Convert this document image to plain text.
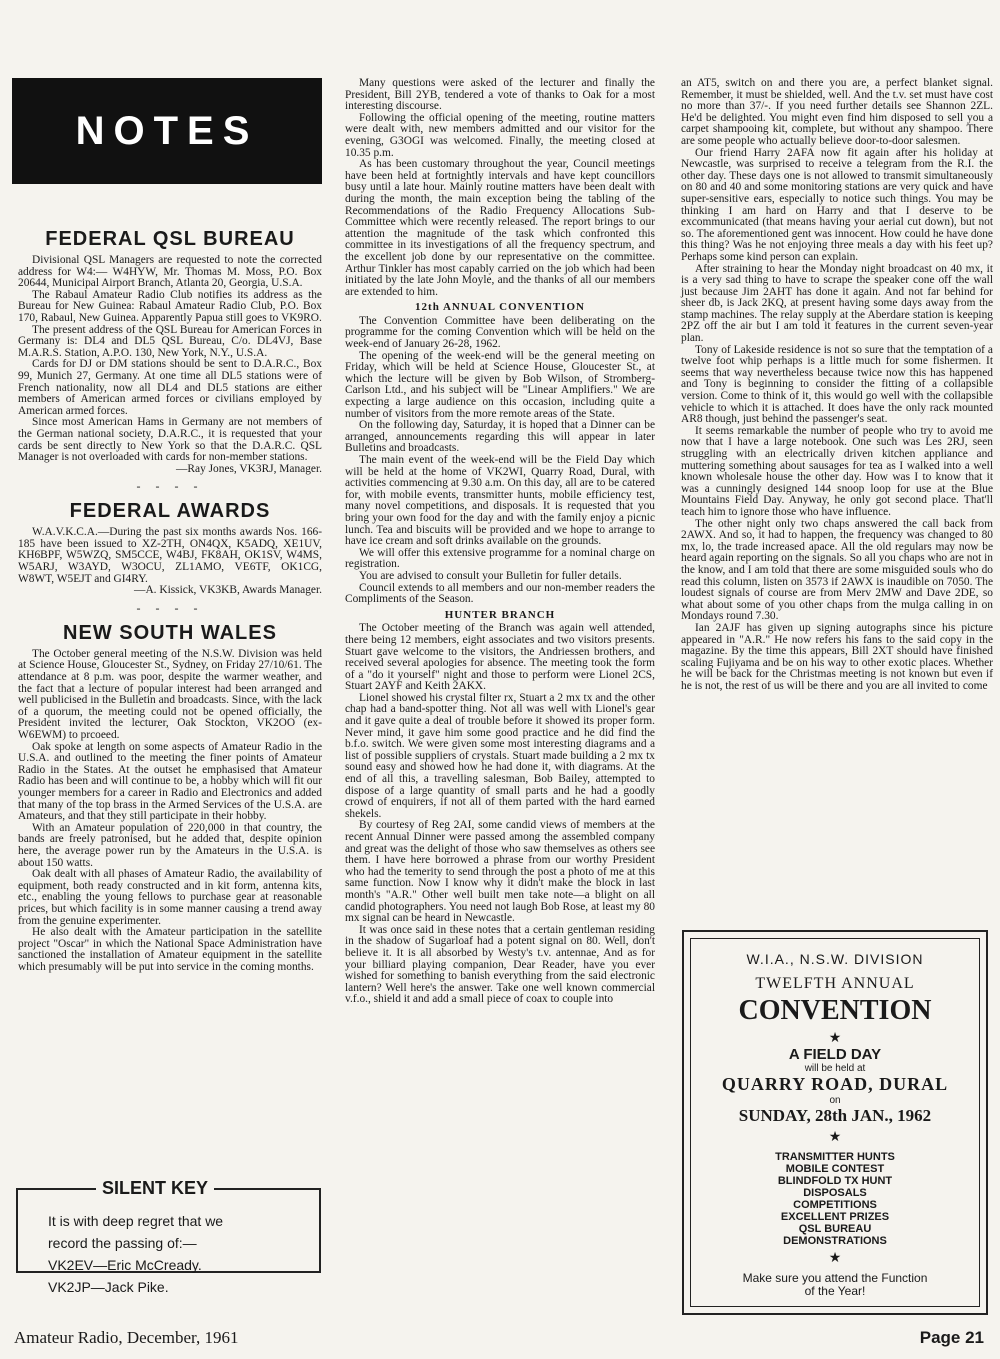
NOTES
FEDERAL QSL BUREAU

Divisional QSL Managers are requested to note the corrected address for W4:— W4HYW, Mr. Thomas M. Moss, P.O. Box 20644, Municipal Airport Branch, Atlanta 20, Georgia, U.S.A.

The Rabaul Amateur Radio Club notifies its address as the Bureau for New Guinea: Rabaul Amateur Radio Club, P.O. Box 170, Rabaul, New Guinea. Apparently Papua still goes to VK9RO.

The present address of the QSL Bureau for American Forces in Germany is: DL4 and DL5 QSL Bureau, C/o. DL4VJ, Base M.A.R.S. Station, A.P.O. 130, New York, N.Y., U.S.A.

Cards for DJ or DM stations should be sent to D.A.R.C., Box 99, Munich 27, Germany. At one time all DL5 stations were of French nationality, now all DL4 and DL5 stations are either members of American armed forces or civilians employed by American armed forces.

Since most American Hams in Germany are not members of the German national society, D.A.R.C., it is requested that your cards be sent directly to New York so that the D.A.R.C. QSL Manager is not overloaded with cards for non-member stations.

—Ray Jones, VK3RJ, Manager.

- - - -
FEDERAL AWARDS

W.A.V.K.C.A.—During the past six months awards Nos. 166-185 have been issued to XZ-2TH, ON4QX, K5ADQ, XE1UV, KH6BPF, W5WZQ, SM5CCE, W4BJ, FK8AH, OK1SV, W4MS, W5ARJ, W3AYD, W3OCU, ZL1AMO, VE6TF, OK1CG, W8WT, W5EJT and GI4RY.

—A. Kissick, VK3KB, Awards Manager.

- - - -
NEW SOUTH WALES

The October general meeting of the N.S.W. Division was held at Science House, Gloucester St., Sydney, on Friday 27/10/61. The attendance at 8 p.m. was poor, despite the warmer weather, and the fact that a lecture of popular interest had been arranged and well publicised in the Bulletin and broadcasts. Since, with the lack of a quorum, the meeting could not be opened officially, the President invited the lecturer, Oak Stockton, VK2OO (ex-W6EWM) to prcoeed.

Oak spoke at length on some aspects of Amateur Radio in the U.S.A. and outlined to the meeting the finer points of Amateur Radio in the States. At the outset he emphasised that Amateur Radio has been and will continue to be, a hobby which will fit our younger members for a career in Radio and Electronics and added that many of the top brass in the Armed Services of the U.S.A. are Amateurs, and that they still participate in their hobby.

With an Amateur population of 220,000 in that country, the bands are freely patronised, but he added that, despite opinion here, the average power run by the Amateurs in the U.S.A. is about 150 watts.

Oak dealt with all phases of Amateur Radio, the availability of equipment, both ready constructed and in kit form, antenna kits, etc., enabling the young fellows to purchase gear at reasonable prices, but which facility is in some manner causing a trend away from the genuine experimenter.

He also dealt with the Amateur participation in the satellite project "Oscar" in which the National Space Administration have sanctioned the installation of Amateur equipment in the satellite which presumably will be put into service in the coming months.

SILENT KEY
It is with deep regret that we
record the passing of:—
VK2EV—Eric McCready.
VK2JP—Jack Pike.

Many questions were asked of the lecturer and finally the President, Bill 2YB, tendered a vote of thanks to Oak for a most interesting discourse.

Following the official opening of the meeting, routine matters were dealt with, new members admitted and our visitor for the evening, G3OGI was welcomed. Finally, the meeting closed at 10.35 p.m.

As has been customary throughout the year, Council meetings have been held at fortnightly intervals and have kept councillors busy until a late hour. Mainly routine matters have been dealt with during the month, the main exception being the tabling of the Recommendations of the Radio Frequency Allocations Sub-Committee which were recently released. The report brings to our attention the magnitude of the task which confronted this committee in its investigations of all the frequency spectrum, and the excellent job done by our representative on the committee. Arthur Tinkler has most capably carried on the job which had been initiated by the late John Moyle, and the thanks of all our members are extended to him.

12th ANNUAL CONVENTION

The Convention Committee have been deliberating on the programme for the coming Convention which will be held on the week-end of January 26-28, 1962.

The opening of the week-end will be the general meeting on Friday, which will be held at Science House, Gloucester St., at which the lecture will be given by Bob Wilson, of Stromberg-Carlson Ltd., and his subject will be "Linear Amplifiers." We are expecting a large audience on this occasion, including quite a number of visitors from the more remote areas of the State.

On the following day, Saturday, it is hoped that a Dinner can be arranged, announcements regarding this will appear in later Bulletins and broadcasts.

The main event of the week-end will be the Field Day which will be held at the home of VK2WI, Quarry Road, Dural, with activities commencing at 9.30 a.m. On this day, all are to be catered for, with mobile events, transmitter hunts, mobile efficiency test, many novel competitions, and disposals. It is requested that you bring your own food for the day and with the family enjoy a picnic lunch. Tea and biscuits will be provided and we hope to arrange to have ice cream and soft drinks available on the grounds.

We will offer this extensive programme for a nominal charge on registration.

You are advised to consult your Bulletin for fuller details.

Council extends to all members and our non-member readers the Compliments of the Season.

HUNTER BRANCH

The October meeting of the Branch was again well attended, there being 12 members, eight associates and two visitors presents. Stuart gave welcome to the visitors, the Andriessen brothers, and received several apologies for absence. The meeting took the form of a "do it yourself" night and those to perform were Lionel 2CS, Stuart 2AYF and Keith 2AKX.

Lionel showed his crystal filter rx, Stuart a 2 mx tx and the other chap had a band-spotter thing. Not all was well with Lionel's gear and it gave quite a deal of trouble before it showed its proper form. Never mind, it gave him some good practice and he did find the b.f.o. switch. We were given some most interesting diagrams and a list of possible suppliers of crystals. Stuart made building a 2 mx tx sound easy and showed how he had done it, with diagrams. At the end of all this, a travelling salesman, Bob Bailey, attempted to dispose of a large quantity of small parts and he had a goodly crowd of enquirers, if not all of them parted with the hard earned shekels.

By courtesy of Reg 2AI, some candid views of members at the recent Annual Dinner were passed among the assembled company and great was the delight of those who saw themselves as others see them. I have here borrowed a phrase from our worthy President who had the temerity to send through the post a photo of me at this same function. Now I know why it didn't make the block in last month's "A.R." Other well built men take note—a blight on all candid photographers. You need not laugh Bob Rose, at least my 80 mx signal can be heard in Newcastle.

It was once said in these notes that a certain gentleman residing in the shadow of Sugarloaf had a potent signal on 80. Well, don't believe it. It is all absorbed by Westy's t.v. antennae, And as for your billiard playing companion, Dear Reader, have you ever wished for something to banish everything from the said electronic lantern? Well here's the answer. Take one well known commercial v.f.o., shield it and add a small piece of coax to couple into

an AT5, switch on and there you are, a perfect blanket signal. Remember, it must be shielded, well. And the t.v. set must have cost no more than 37/-. If you need further details see Shannon 2ZL. He'd be delighted. You might even find him disposed to sell you a carpet shampooing kit, complete, but without any shampoo. There are some people who actually believe door-to-door salesmen.

Our friend Harry 2AFA now fit again after his holiday at Newcastle, was surprised to receive a telegram from the R.I. the other day. These days one is not allowed to transmit simultaneously on 80 and 40 and some monitoring stations are very quick and have super-sensitive ears, especially to notice such things. You may be thinking I am hard on Harry and that I deserve to be excommunicated (that means having your aerial cut down), but not so. The aforementioned gent was innocent. How could he have done this thing? Was he not enjoying three meals a day with his feet up? Perhaps some kind person can explain.

After straining to hear the Monday night broadcast on 40 mx, it is a very sad thing to have to scrape the speaker cone off the wall just because Jim 2AHT has done it again. And not far behind for sheer db, is Jack 2KQ, at present having some days away from the stamp machines. The relay supply at the Aberdare station is keeping 2PZ off the air but I am told it features in the current seven-year plan.

Tony of Lakeside residence is not so sure that the temptation of a twelve foot whip perhaps is a little much for some fishermen. It seems that way nevertheless because twice now this has happened and Tony is beginning to consider the fitting of a collapsible version. Come to think of it, this would go well with the collapsible vehicle to which it is attached. It does have the only rack mounted AR8 though, just behind the passenger's seat.

It seems remarkable the number of people who try to avoid me now that I have a large notebook. One such was Les 2RJ, seen struggling with an electrically driven kitchen appliance and muttering something about sausages for tea as I walked into a well known wholesale house the other day. How was I to know that it was a cunningly designed 144 snoop loop for use at the Blue Mountains Field Day. Anyway, he only got second place. That'll teach him to ignore those who have influence.

The other night only two chaps answered the call back from 2AWX. And so, it had to happen, the frequency was changed to 80 mx, lo, the trade increased apace. All the old regulars may now be heard again reporting on the signals. So all you chaps who are not in the know, and I am told that there are some misguided souls who do read this column, listen on 3573 if 2AWX is inaudible on 7050. The loudest signals of course are from Merv 2MW and Dave 2DE, so what about some of you other chaps from the mulga calling in on Mondays round 7.30.

Ian 2AJF has given up signing autographs since his picture appeared in "A.R." He now refers his fans to the said copy in the magazine. By the time this appears, Bill 2XT should have finished scaling Fujiyama and be on his way to other exotic places. Whether he will be back for the Christmas meeting is not known but even if he is not, the rest of us will be there and you are all invited to come

W.I.A., N.S.W. DIVISION
TWELFTH ANNUAL
CONVENTION
★
A FIELD DAY
will be held at
QUARRY ROAD, DURAL
on
SUNDAY, 28th JAN., 1962
★
TRANSMITTER HUNTS
MOBILE CONTEST
BLINDFOLD TX HUNT
DISPOSALS
COMPETITIONS
EXCELLENT PRIZES
QSL BUREAU
DEMONSTRATIONS
★
Make sure you attend the Function
of the Year!
Amateur Radio, December, 1961	Page 21
